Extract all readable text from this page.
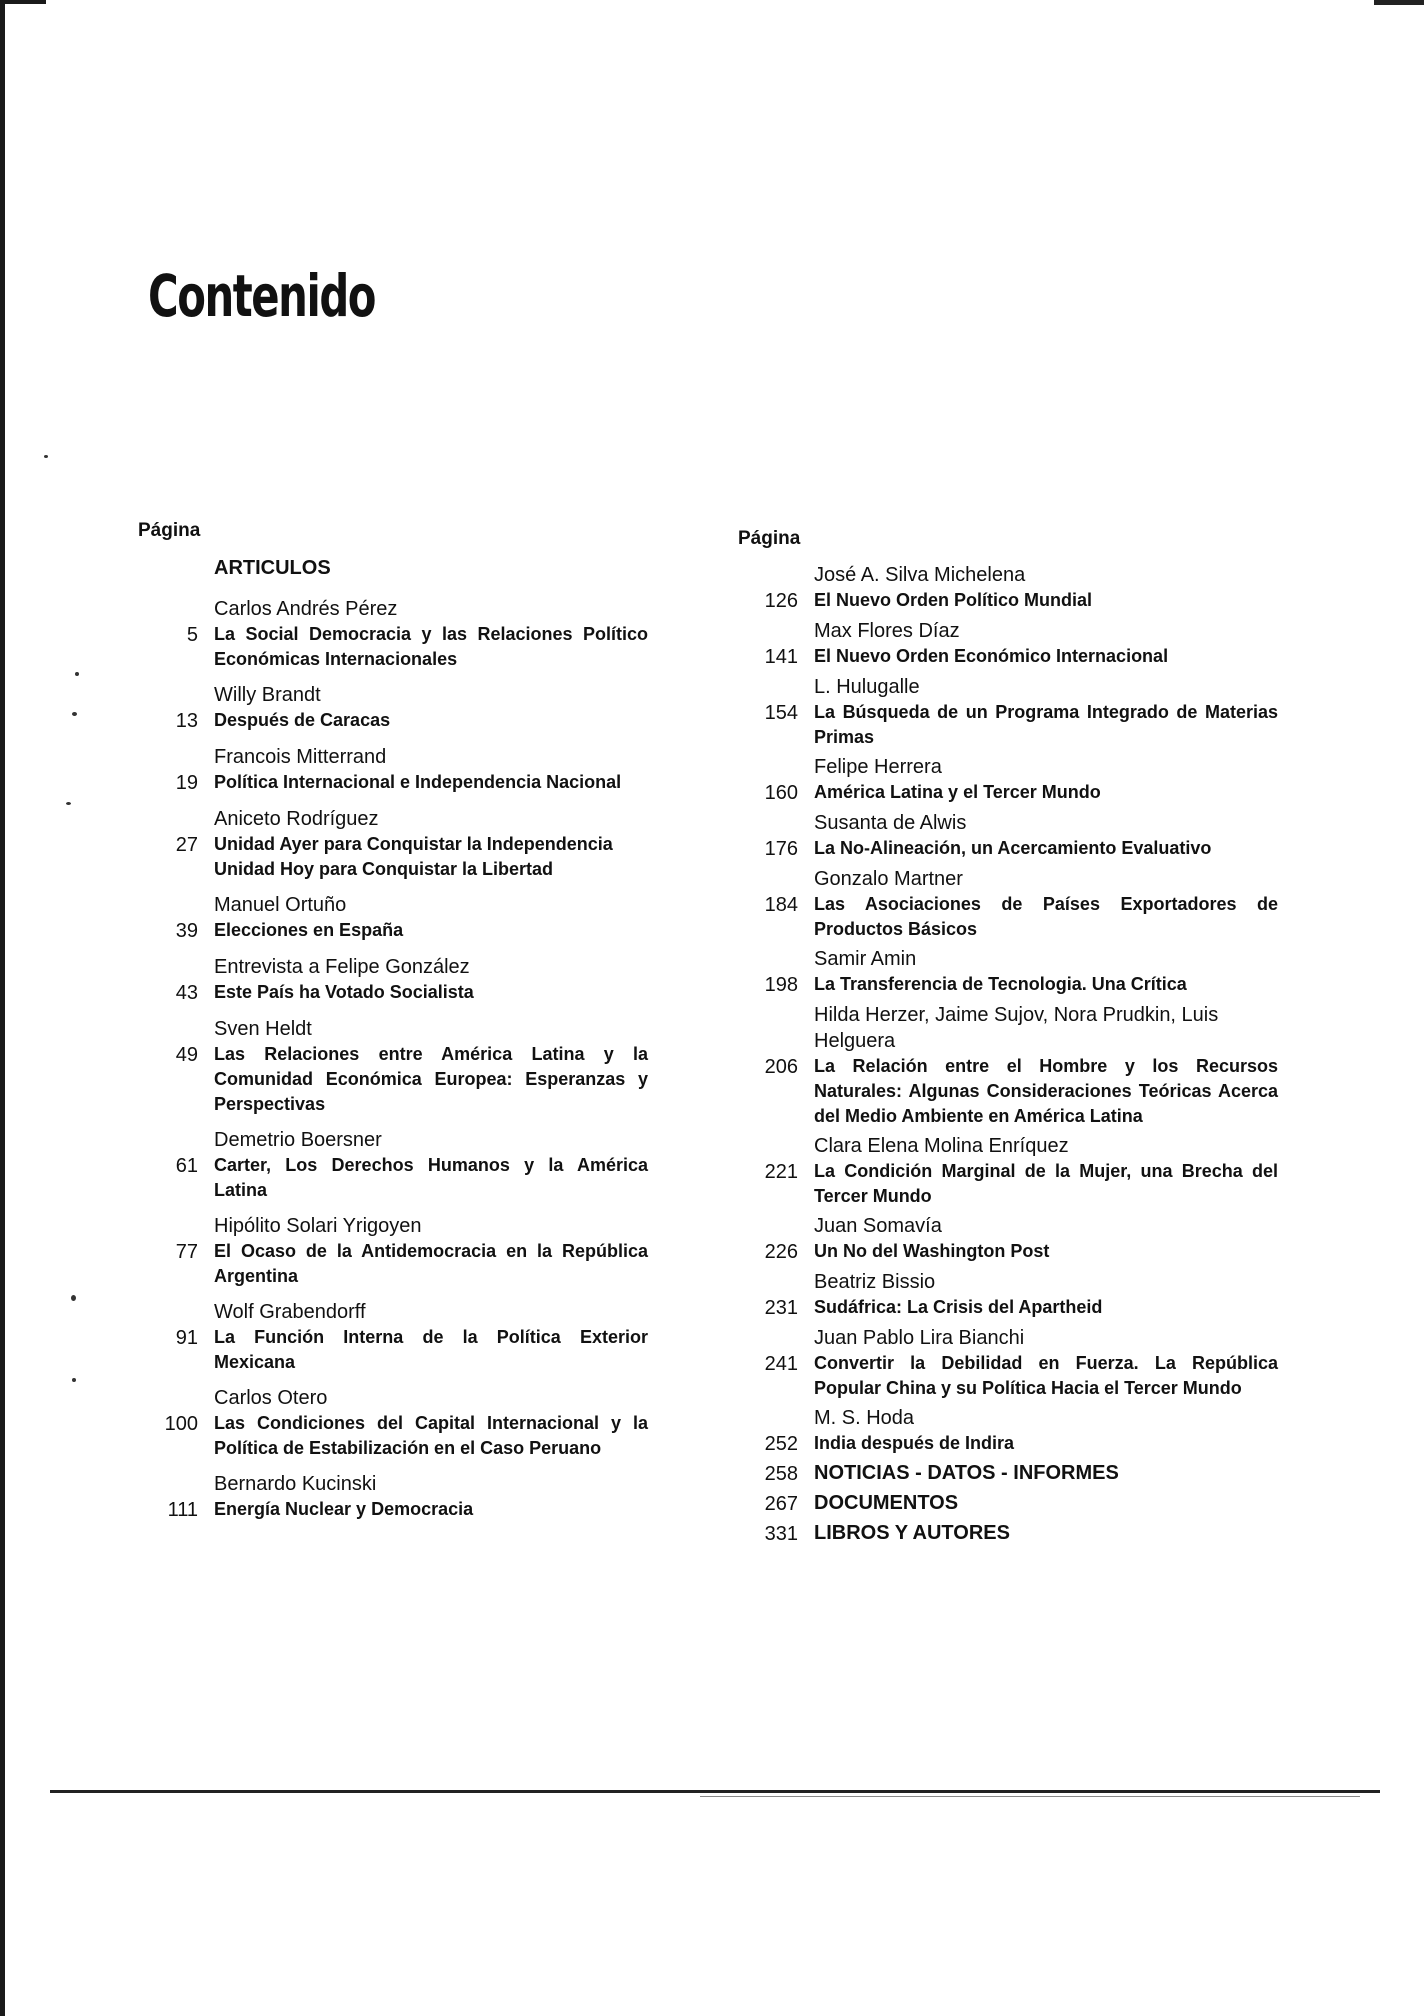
Contenido
Página
ARTICULOS
Carlos Andrés Pérez
5 La Social Democracia y las Relaciones Político Económicas Internacionales
Willy Brandt
13 Después de Caracas
Francois Mitterrand
19 Política Internacional e Independencia Nacional
Aniceto Rodríguez
27 Unidad Ayer para Conquistar la Independencia
Unidad Hoy para Conquistar la Libertad
Manuel Ortuño
39 Elecciones en España
Entrevista a Felipe González
43 Este País ha Votado Socialista
Sven Heldt
49 Las Relaciones entre América Latina y la Comunidad Económica Europea: Esperanzas y Perspectivas
Demetrio Boersner
61 Carter, Los Derechos Humanos y la América Latina
Hipólito Solari Yrigoyen
77 El Ocaso de la Antidemocracia en la República Argentina
Wolf Grabendorff
91 La Función Interna de la Política Exterior Mexicana
Carlos Otero
100 Las Condiciones del Capital Internacional y la Política de Estabilización en el Caso Peruano
Bernardo Kucinski
111 Energía Nuclear y Democracia
Página
José A. Silva Michelena
126 El Nuevo Orden Político Mundial
Max Flores Díaz
141 El Nuevo Orden Económico Internacional
L. Hulugalle
154 La Búsqueda de un Programa Integrado de Materias Primas
Felipe Herrera
160 América Latina y el Tercer Mundo
Susanta de Alwis
176 La No-Alineación, un Acercamiento Evaluativo
Gonzalo Martner
184 Las Asociaciones de Países Exportadores de Productos Básicos
Samir Amin
198 La Transferencia de Tecnologia. Una Crítica
Hilda Herzer, Jaime Sujov, Nora Prudkin, Luis Helguera
206 La Relación entre el Hombre y los Recursos Naturales: Algunas Consideraciones Teóricas Acerca del Medio Ambiente en América Latina
Clara Elena Molina Enríquez
221 La Condición Marginal de la Mujer, una Brecha del Tercer Mundo
Juan Somavía
226 Un No del Washington Post
Beatriz Bissio
231 Sudáfrica: La Crisis del Apartheid
Juan Pablo Lira Bianchi
241 Convertir la Debilidad en Fuerza. La República Popular China y su Política Hacia el Tercer Mundo
M. S. Hoda
252 India después de Indira
258 NOTICIAS - DATOS - INFORMES
267 DOCUMENTOS
331 LIBROS Y AUTORES
